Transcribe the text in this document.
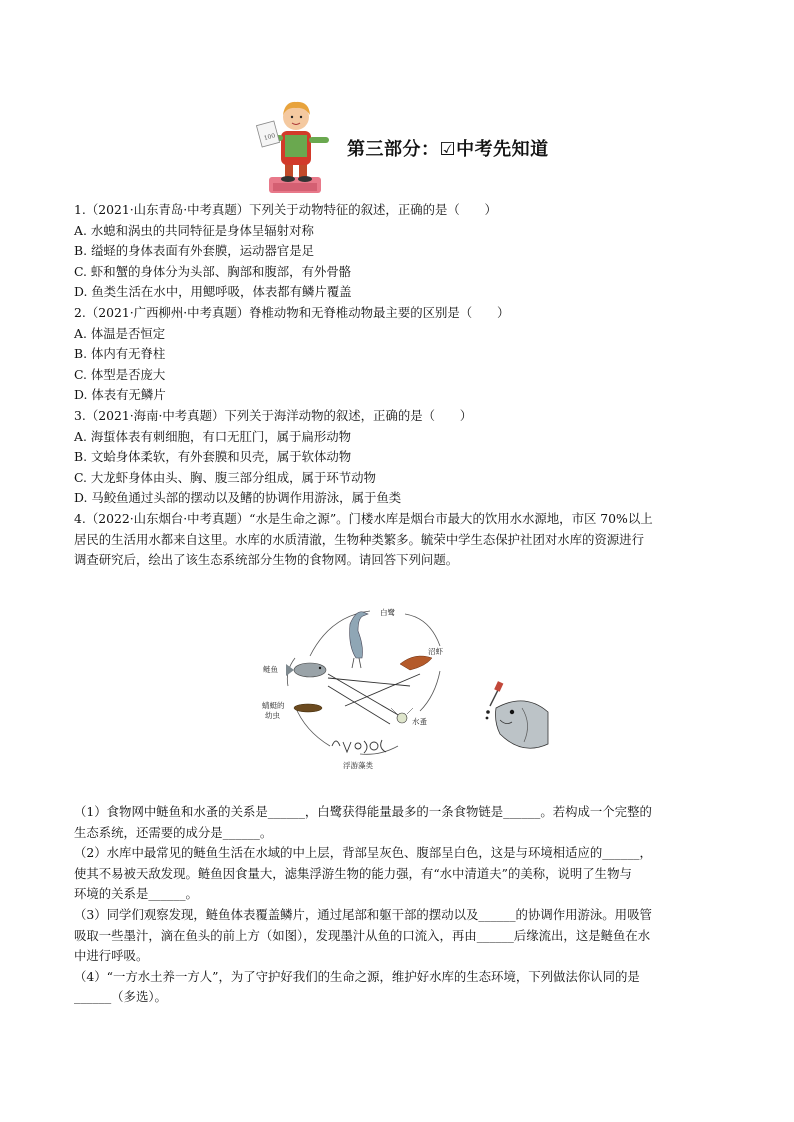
100
第三部分：☑中考先知道
1.（2021·山东青岛·中考真题）下列关于动物特征的叙述，正确的是（　　）
A. 水螅和涡虫的共同特征是身体呈辐射对称
B. 缢蛏的身体表面有外套膜，运动器官是足
C. 虾和蟹的身体分为头部、胸部和腹部，有外骨骼
D. 鱼类生活在水中，用鳃呼吸，体表都有鳞片覆盖
2.（2021·广西柳州·中考真题）脊椎动物和无脊椎动物最主要的区别是（　　）
A. 体温是否恒定
B. 体内有无脊柱
C. 体型是否庞大
D. 体表有无鳞片
3.（2021·海南·中考真题）下列关于海洋动物的叙述，正确的是（　　）
A. 海蜇体表有刺细胞，有口无肛门，属于扁形动物
B. 文蛤身体柔软，有外套膜和贝壳，属于软体动物
C. 大龙虾身体由头、胸、腹三部分组成，属于环节动物
D. 马鲛鱼通过头部的摆动以及鳍的协调作用游泳，属于鱼类
4.（2022·山东烟台·中考真题）“水是生命之源”。门楼水库是烟台市最大的饮用水水源地，市区 70%以上
居民的生活用水都来自这里。水库的水质清澈，生物种类繁多。毓荣中学生态保护社团对水库的资源进行
调查研究后，绘出了该生态系统部分生物的食物网。请回答下列问题。
白鹭
沼虾
鲢鱼
蜻蜓的
幼虫
水蚤
浮游藻类
（1）食物网中鲢鱼和水蚤的关系是______，白鹭获得能量最多的一条食物链是______。若构成一个完整的
生态系统，还需要的成分是______。
（2）水库中最常见的鲢鱼生活在水域的中上层，背部呈灰色、腹部呈白色，这是与环境相适应的______，
使其不易被天敌发现。鲢鱼因食量大，滤集浮游生物的能力强，有“水中清道夫”的美称，说明了生物与
环境的关系是______。
（3）同学们观察发现，鲢鱼体表覆盖鳞片，通过尾部和躯干部的摆动以及______的协调作用游泳。用吸管
吸取一些墨汁，滴在鱼头的前上方（如图），发现墨汁从鱼的口流入，再由______后缘流出，这是鲢鱼在水
中进行呼吸。
（4）“一方水土养一方人”，为了守护好我们的生命之源，维护好水库的生态环境，下列做法你认同的是
______（多选）。
